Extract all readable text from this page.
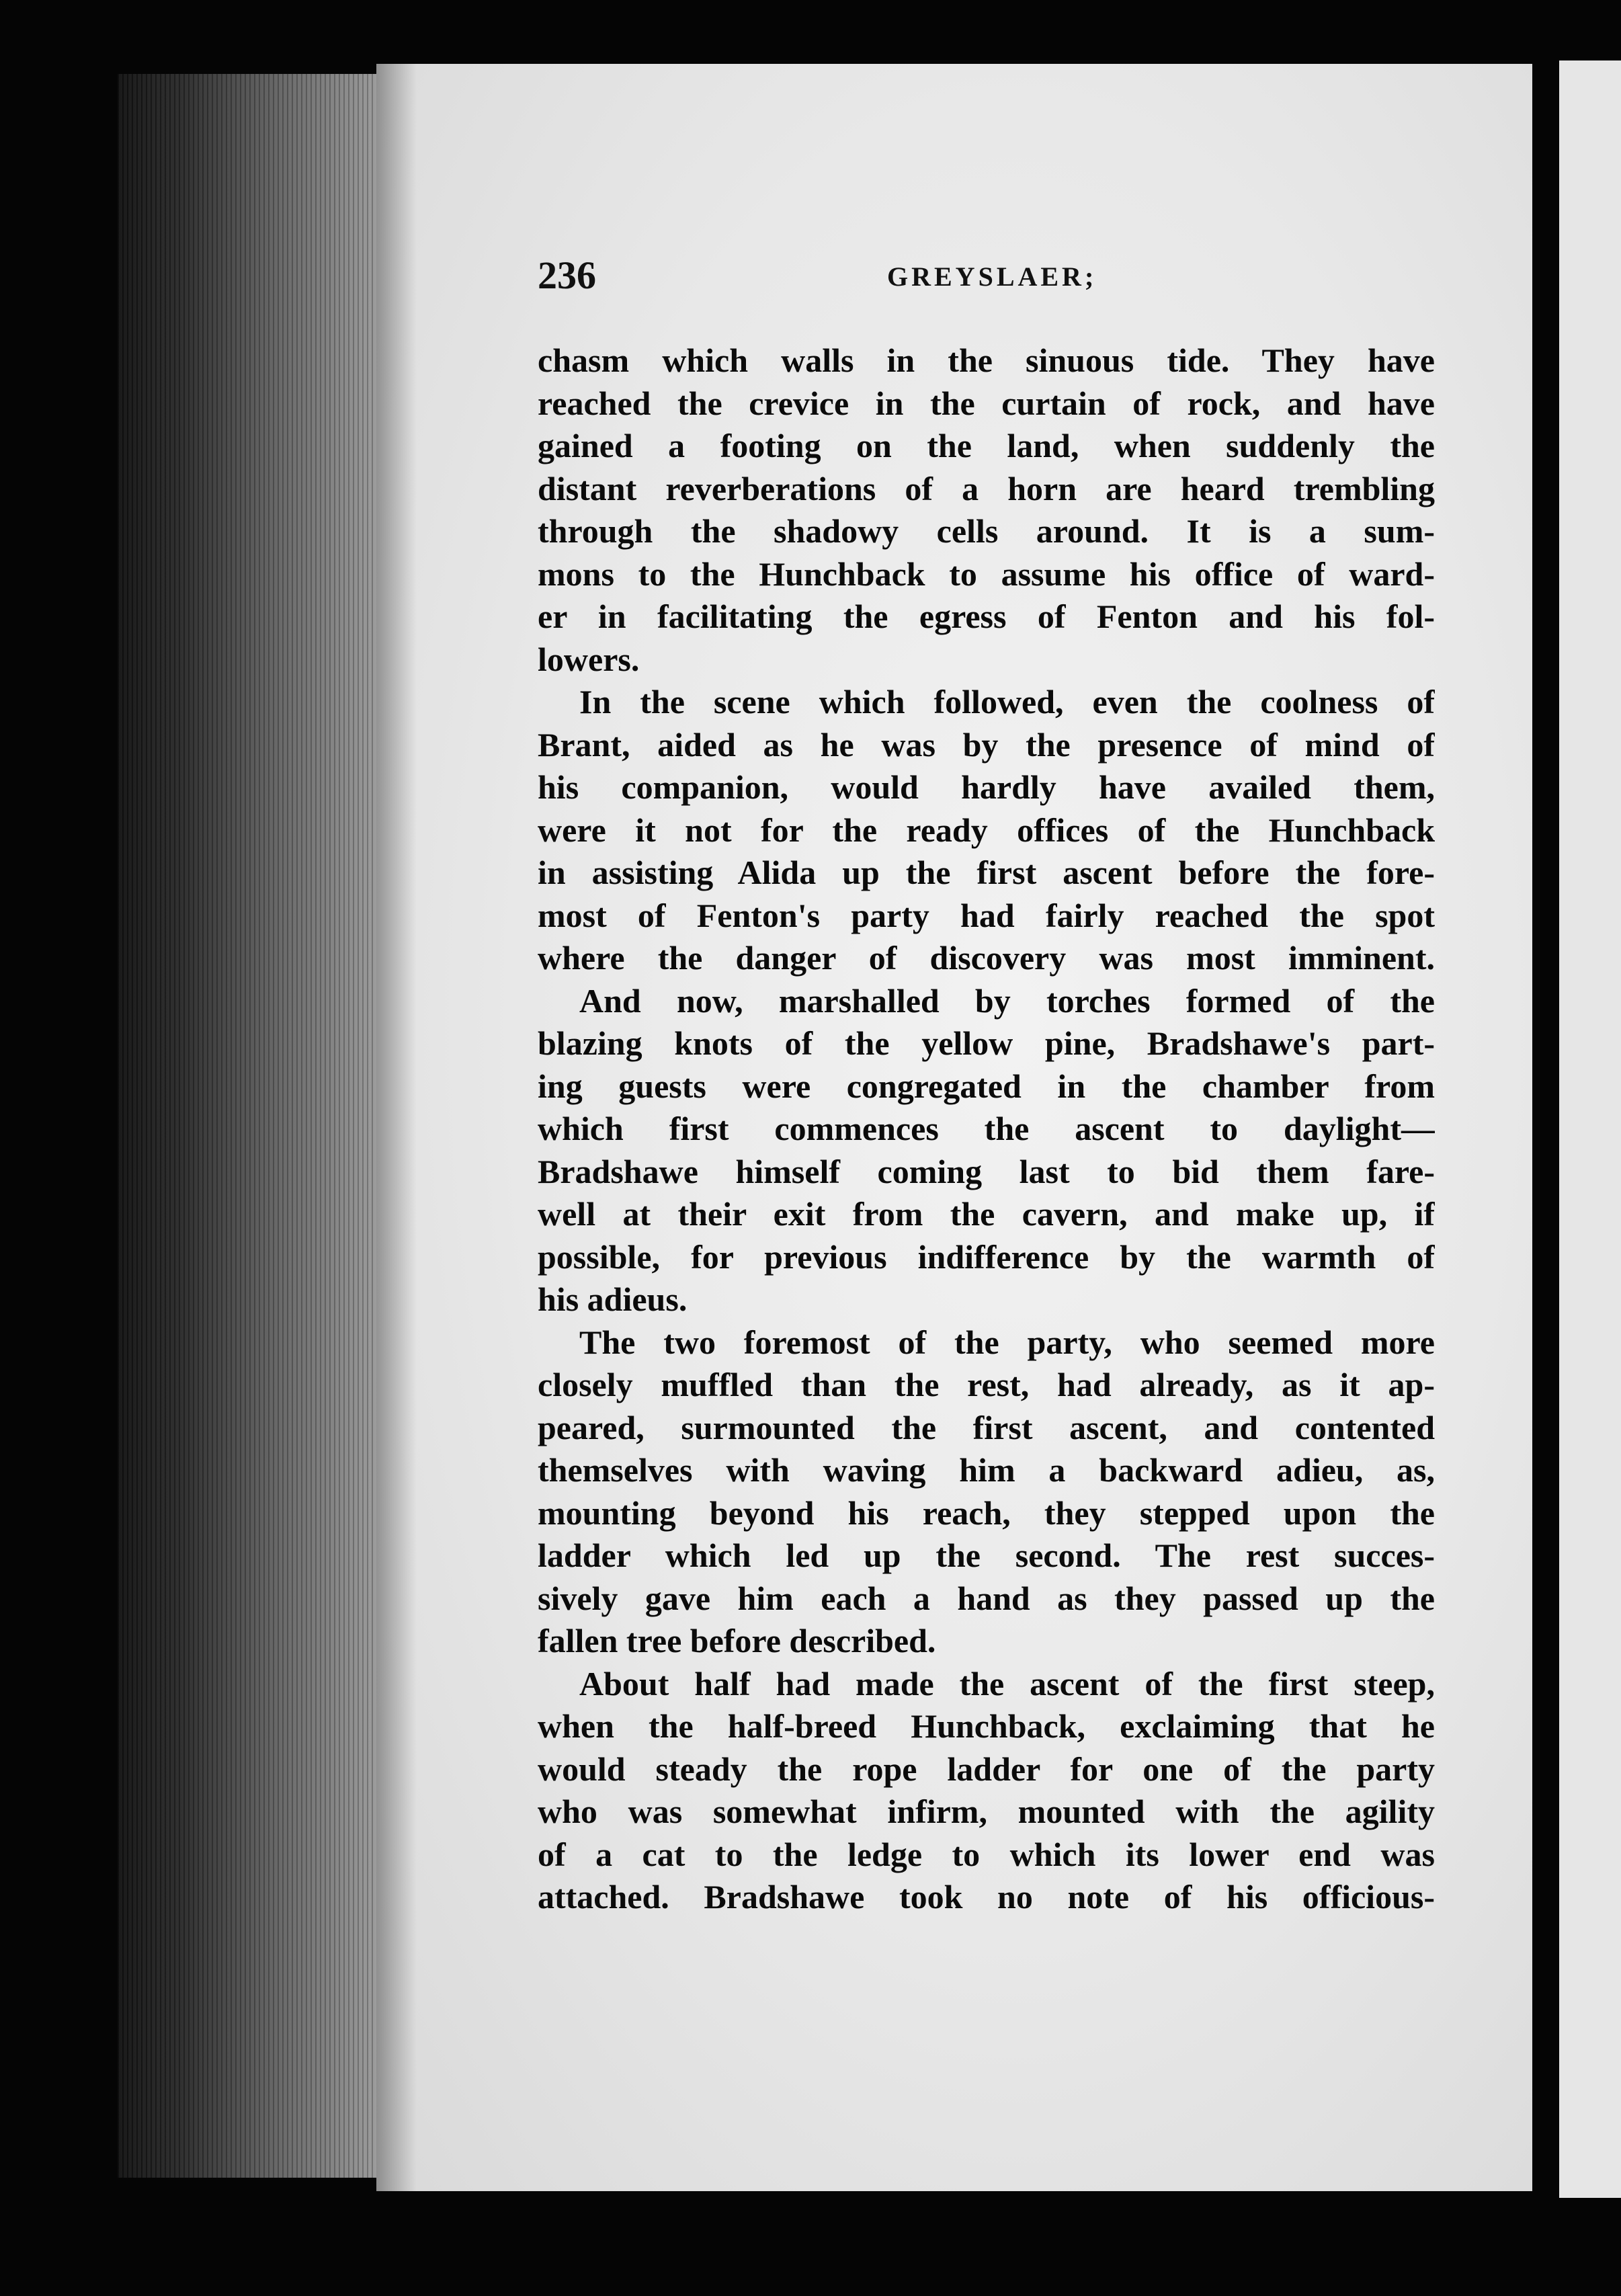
236	GREYSLAER;
chasm which walls in the sinuous tide. They have
reached the crevice in the curtain of rock, and have
gained a footing on the land, when suddenly the
distant reverberations of a horn are heard trembling
through the shadowy cells around. It is a sum-
mons to the Hunchback to assume his office of ward-
er in facilitating the egress of Fenton and his fol-
lowers.
In the scene which followed, even the coolness of
Brant, aided as he was by the presence of mind of
his companion, would hardly have availed them,
were it not for the ready offices of the Hunchback
in assisting Alida up the first ascent before the fore-
most of Fenton's party had fairly reached the spot
where the danger of discovery was most imminent.
And now, marshalled by torches formed of the
blazing knots of the yellow pine, Bradshawe's part-
ing guests were congregated in the chamber from
which first commences the ascent to daylight—
Bradshawe himself coming last to bid them fare-
well at their exit from the cavern, and make up, if
possible, for previous indifference by the warmth of
his adieus.
The two foremost of the party, who seemed more
closely muffled than the rest, had already, as it ap-
peared, surmounted the first ascent, and contented
themselves with waving him a backward adieu, as,
mounting beyond his reach, they stepped upon the
ladder which led up the second. The rest succes-
sively gave him each a hand as they passed up the
fallen tree before described.
About half had made the ascent of the first steep,
when the half-breed Hunchback, exclaiming that he
would steady the rope ladder for one of the party
who was somewhat infirm, mounted with the agility
of a cat to the ledge to which its lower end was
attached. Bradshawe took no note of his officious-
